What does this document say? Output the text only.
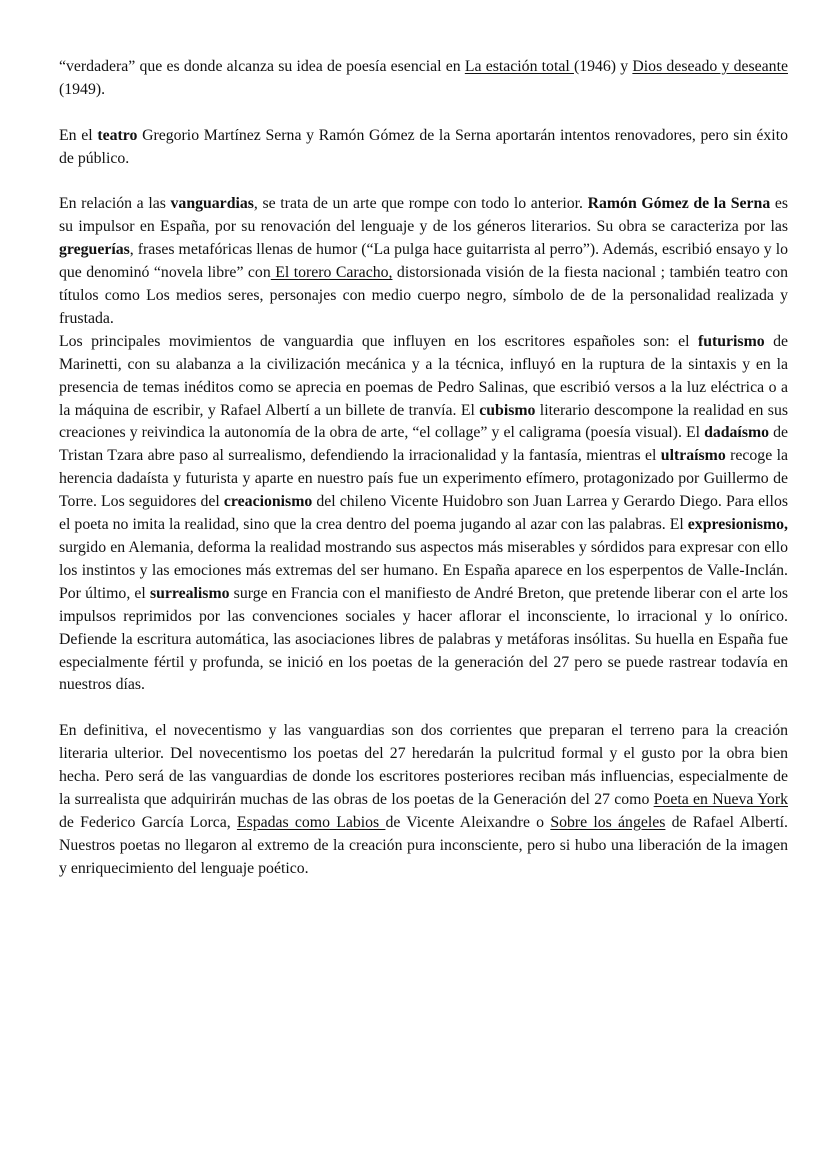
“verdadera” que es donde alcanza su idea de poesía esencial en La estación total (1946) y Dios deseado y deseante (1949).

En el teatro Gregorio Martínez Serna y Ramón Gómez de la Serna aportarán intentos renovadores, pero sin éxito de público.

En relación a las vanguardias, se trata de un arte que rompe con todo lo anterior. Ramón Gómez de la Serna es su impulsor en España, por su renovación del lenguaje y de los géneros literarios. Su obra se caracteriza por las greguerías, frases metafóricas llenas de humor (“La pulga hace guitarrista al perro”). Además, escribió ensayo y lo que denominó “novela libre” con El torero Caracho, distorsionada visión de la fiesta nacional ; también teatro con títulos como Los medios seres, personajes con medio cuerpo negro, símbolo de de la personalidad realizada y frustada.

Los principales movimientos de vanguardia que influyen en los escritores españoles son: el futurismo de Marinetti, con su alabanza a la civilización mecánica y a la técnica, influyó en la ruptura de la sintaxis y en la presencia de temas inéditos como se aprecia en poemas de Pedro Salinas, que escribió versos a la luz eléctrica o a la máquina de escribir, y Rafael Albertí a un billete de tranvía. El cubismo literario descompone la realidad en sus creaciones y reivindica la autonomía de la obra de arte, “el collage” y el caligrama (poesía visual). El dadaísmo de Tristan Tzara abre paso al surrealismo, defendiendo la irracionalidad y la fantasía, mientras el ultraísmo recoge la herencia dadaísta y futurista y aparte en nuestro país fue un experimento efímero, protagonizado por Guillermo de Torre. Los seguidores del creacionismo del chileno Vicente Huidobro son Juan Larrea y Gerardo Diego. Para ellos el poeta no imita la realidad, sino que la crea dentro del poema jugando al azar con las palabras. El expresionismo, surgido en Alemania, deforma la realidad mostrando sus aspectos más miserables y sórdidos para expresar con ello los instintos y las emociones más extremas del ser humano. En España aparece en los esperpentos de Valle-Inclán. Por último, el surrealismo surge en Francia con el manifiesto de André Breton, que pretende liberar con el arte los impulsos reprimidos por las convenciones sociales y hacer aflorar el inconsciente, lo irracional y lo onírico. Defiende la escritura automática, las asociaciones libres de palabras y metáforas insólitas. Su huella en España fue especialmente fértil y profunda, se inició en los poetas de la generación del 27 pero se puede rastrear todavía en nuestros días.

En definitiva, el novecentismo y las vanguardias son dos corrientes que preparan el terreno para la creación literaria ulterior. Del novecentismo los poetas del 27 heredarán la pulcritud formal y el gusto por la obra bien hecha. Pero será de las vanguardias de donde los escritores posteriores reciban más influencias, especialmente de la surrealista que adquirirán muchas de las obras de los poetas de la Generación del 27 como Poeta en Nueva York de Federico García Lorca, Espadas como Labios de Vicente Aleixandre o Sobre los ángeles de Rafael Albertí. Nuestros poetas no llegaron al extremo de la creación pura inconsciente, pero si hubo una liberación de la imagen y enriquecimiento del lenguaje poético.
